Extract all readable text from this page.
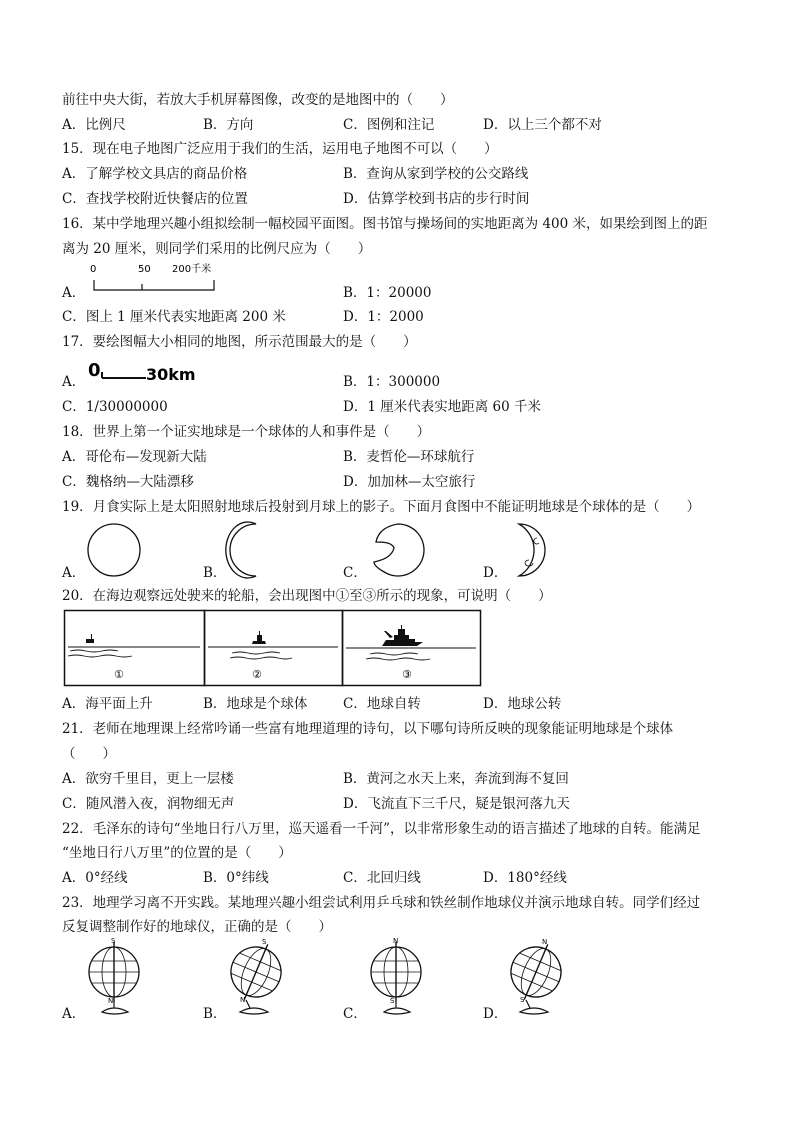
前往中央大街，若放大手机屏幕图像，改变的是地图中的（　　）
A．比例尺	B．方向	C．图例和注记	D．以上三个都不对
15．现在电子地图广泛应用于我们的生活，运用电子地图不可以（　　）
A．了解学校文具店的商品价格	B．查询从家到学校的公交路线
C．查找学校附近快餐店的位置	D．估算学校到书店的步行时间
16．某中学地理兴趣小组拟绘制一幅校园平面图。图书馆与操场间的实地距离为 400 米，如果绘到图上的距
离为 20 厘米，则同学们采用的比例尺应为（　　）
A．
0	50 200千米
B．1：20000
C．图上 1 厘米代表实地距离 200 米	D．1：2000
17．要绘图幅大小相同的地图，所示范围最大的是（　　）
A．
0	30km	B．1：300000
C．1/30000000	D．1 厘米代表实地距离 60 千米
18．世界上第一个证实地球是一个球体的人和事件是（　　）
A．哥伦布—发现新大陆	B．麦哲伦—环球航行
C．魏格纳—大陆漂移	D．加加林—太空旅行
19．月食实际上是太阳照射地球后投射到月球上的影子。下面月食图中不能证明地球是个球体的是（　　）
A．	B．	C．	D．
20．在海边观察远处驶来的轮船，会出现图中①至③所示的现象，可说明（　　）
①	②	③
A．海平面上升	B．地球是个球体	C．地球自转	D．地球公转
21．老师在地理课上经常吟诵一些富有地理道理的诗句，以下哪句诗所反映的现象能证明地球是个球体
（　　）
A．欲穷千里目，更上一层楼	B．黄河之水天上来，奔流到海不复回
C．随风潜入夜，润物细无声	D．飞流直下三千尺，疑是银河落九天
22．毛泽东的诗句“坐地日行八万里，巡天遥看一千河”，以非常形象生动的语言描述了地球的自转。能满足
“坐地日行八万里”的位置的是（　　）
A．0°经线	B．0°纬线	C．北回归线	D．180°经线
23．地理学习离不开实践。某地理兴趣小组尝试利用乒乓球和铁丝制作地球仪并演示地球自转。同学们经过
反复调整制作好的地球仪，正确的是（　　）
S
N
S
N
N
S
N
S
A．	B．	C．	D．
